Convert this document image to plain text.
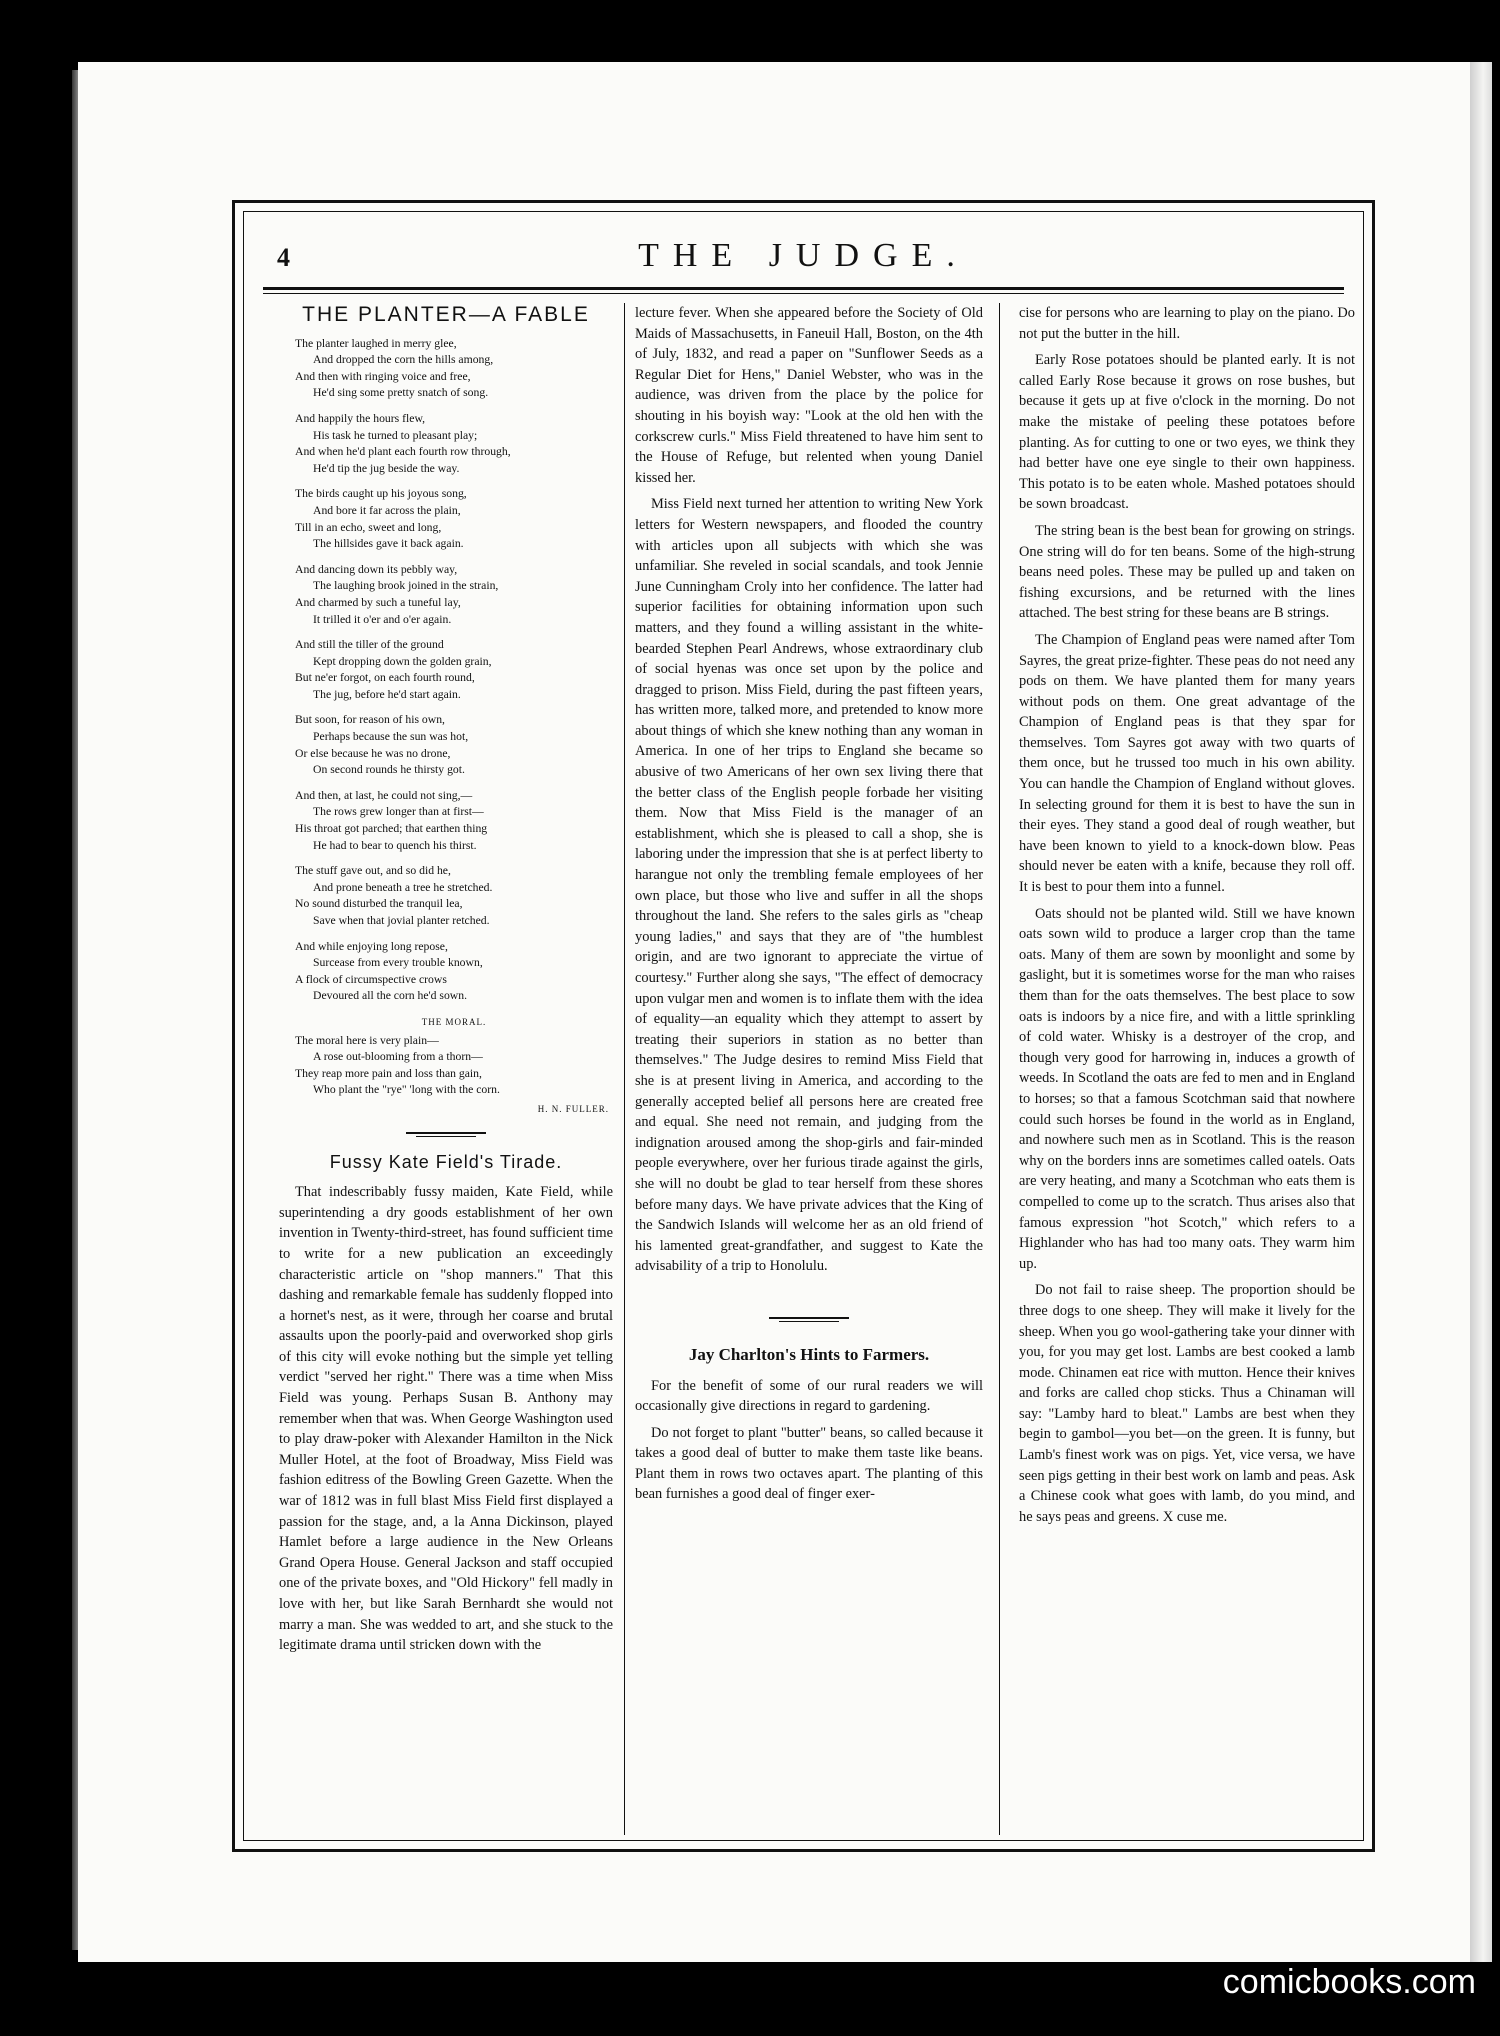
4	THE JUDGE.
THE PLANTER—A FABLE
The planter laughed in merry glee,
And dropped the corn the hills among,
And then with ringing voice and free,
He'd sing some pretty snatch of song.
And happily the hours flew,
His task he turned to pleasant play;
And when he'd plant each fourth row through,
He'd tip the jug beside the way.
The birds caught up his joyous song,
And bore it far across the plain,
Till in an echo, sweet and long,
The hillsides gave it back again.
And dancing down its pebbly way,
The laughing brook joined in the strain,
And charmed by such a tuneful lay,
It trilled it o'er and o'er again.
And still the tiller of the ground
Kept dropping down the golden grain,
But ne'er forgot, on each fourth round,
The jug, before he'd start again.
But soon, for reason of his own,
Perhaps because the sun was hot,
Or else because he was no drone,
On second rounds he thirsty got.
And then, at last, he could not sing,—
The rows grew longer than at first—
His throat got parched; that earthen thing
He had to bear to quench his thirst.
The stuff gave out, and so did he,
And prone beneath a tree he stretched.
No sound disturbed the tranquil lea,
Save when that jovial planter retched.
And while enjoying long repose,
Surcease from every trouble known,
A flock of circumspective crows
Devoured all the corn he'd sown.
THE MORAL.
The moral here is very plain—
A rose out-blooming from a thorn—
They reap more pain and loss than gain,
Who plant the "rye" 'long with the corn.
H. N. FULLER.
Fussy Kate Field's Tirade.

That indescribably fussy maiden, Kate Field, while superintending a dry goods establishment of her own invention in Twenty-third-street, has found sufficient time to write for a new publication an exceedingly characteristic article on "shop manners." That this dashing and remarkable female has suddenly flopped into a hornet's nest, as it were, through her coarse and brutal assaults upon the poorly-paid and overworked shop girls of this city will evoke nothing but the simple yet telling verdict "served her right." There was a time when Miss Field was young. Perhaps Susan B. Anthony may remember when that was. When George Washington used to play draw-poker with Alexander Hamilton in the Nick Muller Hotel, at the foot of Broadway, Miss Field was fashion editress of the Bowling Green Gazette. When the war of 1812 was in full blast Miss Field first displayed a passion for the stage, and, a la Anna Dickinson, played Hamlet before a large audience in the New Orleans Grand Opera House. General Jackson and staff occupied one of the private boxes, and "Old Hickory" fell madly in love with her, but like Sarah Bernhardt she would not marry a man. She was wedded to art, and she stuck to the legitimate drama until stricken down with the

lecture fever. When she appeared before the Society of Old Maids of Massachusetts, in Faneuil Hall, Boston, on the 4th of July, 1832, and read a paper on "Sunflower Seeds as a Regular Diet for Hens," Daniel Webster, who was in the audience, was driven from the place by the police for shouting in his boyish way: "Look at the old hen with the corkscrew curls." Miss Field threatened to have him sent to the House of Refuge, but relented when young Daniel kissed her.

Miss Field next turned her attention to writing New York letters for Western newspapers, and flooded the country with articles upon all subjects with which she was unfamiliar. She reveled in social scandals, and took Jennie June Cunningham Croly into her confidence. The latter had superior facilities for obtaining information upon such matters, and they found a willing assistant in the white-bearded Stephen Pearl Andrews, whose extraordinary club of social hyenas was once set upon by the police and dragged to prison. Miss Field, during the past fifteen years, has written more, talked more, and pretended to know more about things of which she knew nothing than any woman in America. In one of her trips to England she became so abusive of two Americans of her own sex living there that the better class of the English people forbade her visiting them. Now that Miss Field is the manager of an establishment, which she is pleased to call a shop, she is laboring under the impression that she is at perfect liberty to harangue not only the trembling female employees of her own place, but those who live and suffer in all the shops throughout the land. She refers to the sales girls as "cheap young ladies," and says that they are of "the humblest origin, and are two ignorant to appreciate the virtue of courtesy." Further along she says, "The effect of democracy upon vulgar men and women is to inflate them with the idea of equality—an equality which they attempt to assert by treating their superiors in station as no better than themselves." The Judge desires to remind Miss Field that she is at present living in America, and according to the generally accepted belief all persons here are created free and equal. She need not remain, and judging from the indignation aroused among the shop-girls and fair-minded people everywhere, over her furious tirade against the girls, she will no doubt be glad to tear herself from these shores before many days. We have private advices that the King of the Sandwich Islands will welcome her as an old friend of his lamented great-grandfather, and suggest to Kate the advisability of a trip to Honolulu.

Jay Charlton's Hints to Farmers.

For the benefit of some of our rural readers we will occasionally give directions in regard to gardening.

Do not forget to plant "butter" beans, so called because it takes a good deal of butter to make them taste like beans. Plant them in rows two octaves apart. The planting of this bean furnishes a good deal of finger exer-

cise for persons who are learning to play on the piano. Do not put the butter in the hill.

Early Rose potatoes should be planted early. It is not called Early Rose because it grows on rose bushes, but because it gets up at five o'clock in the morning. Do not make the mistake of peeling these potatoes before planting. As for cutting to one or two eyes, we think they had better have one eye single to their own happiness. This potato is to be eaten whole. Mashed potatoes should be sown broadcast.

The string bean is the best bean for growing on strings. One string will do for ten beans. Some of the high-strung beans need poles. These may be pulled up and taken on fishing excursions, and be returned with the lines attached. The best string for these beans are B strings.

The Champion of England peas were named after Tom Sayres, the great prize-fighter. These peas do not need any pods on them. We have planted them for many years without pods on them. One great advantage of the Champion of England peas is that they spar for themselves. Tom Sayres got away with two quarts of them once, but he trussed too much in his own ability. You can handle the Champion of England without gloves. In selecting ground for them it is best to have the sun in their eyes. They stand a good deal of rough weather, but have been known to yield to a knock-down blow. Peas should never be eaten with a knife, because they roll off. It is best to pour them into a funnel.

Oats should not be planted wild. Still we have known oats sown wild to produce a larger crop than the tame oats. Many of them are sown by moonlight and some by gaslight, but it is sometimes worse for the man who raises them than for the oats themselves. The best place to sow oats is indoors by a nice fire, and with a little sprinkling of cold water. Whisky is a destroyer of the crop, and though very good for harrowing in, induces a growth of weeds. In Scotland the oats are fed to men and in England to horses; so that a famous Scotchman said that nowhere could such horses be found in the world as in England, and nowhere such men as in Scotland. This is the reason why on the borders inns are sometimes called oatels. Oats are very heating, and many a Scotchman who eats them is compelled to come up to the scratch. Thus arises also that famous expression "hot Scotch," which refers to a Highlander who has had too many oats. They warm him up.

Do not fail to raise sheep. The proportion should be three dogs to one sheep. They will make it lively for the sheep. When you go wool-gathering take your dinner with you, for you may get lost. Lambs are best cooked a lamb mode. Chinamen eat rice with mutton. Hence their knives and forks are called chop sticks. Thus a Chinaman will say: "Lamby hard to bleat." Lambs are best when they begin to gambol—you bet—on the green. It is funny, but Lamb's finest work was on pigs. Yet, vice versa, we have seen pigs getting in their best work on lamb and peas. Ask a Chinese cook what goes with lamb, do you mind, and he says peas and greens. X cuse me.

comicbooks.com
